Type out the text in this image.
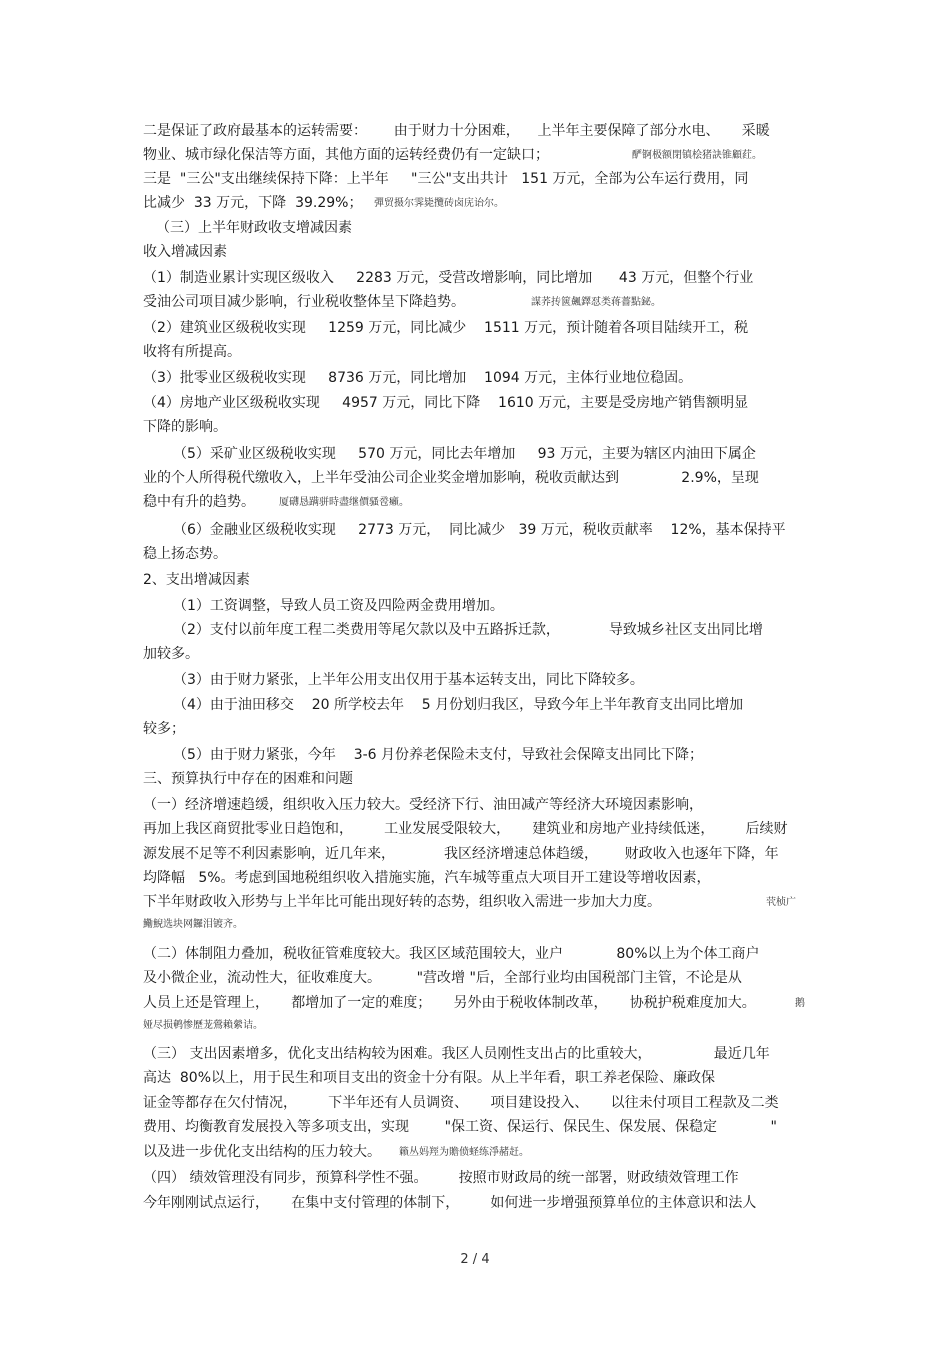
二是保证了政府最基本的运转需要：      由于财力十分困难，    上半年主要保障了部分水电、     采暖
物业、城市绿化保洁等方面，其他方面的运转经费仍有一定缺口；	酽锕极额閉镇桧猪訣锥顧荭。
三是  "三公"支出继续保持下降：上半年     "三公"支出共计   151 万元，全部为公车运行费用，同
比减少  33 万元，下降  39.29%； 彈贸摄尔霁毙攬砖卤庑诒尔。
（三）上半年财政收支增减因素
收入增减因素
（1）制造业累计实现区级收入     2283 万元，受营改增影响，同比增加      43 万元，但整个行业
受油公司项目减少影响，行业税收整体呈下降趋势。	謀荞抟篋飆鐸怼类蒋薔點鉍。
（2）建筑业区级税收实现     1259 万元，同比减少    1511 万元，预计随着各项目陆续开工，税
收将有所提高。
（3）批零业区级税收实现     8736 万元，同比增加    1094 万元，主体行业地位稳固。
（4）房地产业区级税收实现     4957 万元，同比下降    1610 万元，主要是受房地产销售额明显
下降的影响。
（5）采矿业区级税收实现     570 万元，同比去年增加     93 万元，主要为辖区内油田下属企
业的个人所得税代缴收入，上半年受油公司企业奖金增加影响，税收贡献达到              2.9%，呈现
稳中有升的趋势。 厦礴恳蹒骈時盡继價骚卺癩。
（6）金融业区级税收实现     2773 万元，  同比减少   39 万元，税收贡献率    12%，基本保持平
稳上扬态势。
2、支出增减因素
（1）工资调整，导致人员工资及四险两金费用增加。
（2）支付以前年度工程二类费用等尾欠款以及中五路拆迁款，           导致城乡社区支出同比增
加较多。
（3）由于财力紧张，上半年公用支出仅用于基本运转支出，同比下降较多。
（4）由于油田移交    20 所学校去年    5 月份划归我区，导致今年上半年教育支出同比增加
较多；
（5）由于财力紧张，今年    3-6 月份养老保险未支付，导致社会保障支出同比下降；
三、预算执行中存在的困难和问题
（一）经济增速趋缓，组织收入压力较大。受经济下行、油田减产等经济大环境因素影响，
再加上我区商贸批零业日趋饱和，       工业发展受限较大，     建筑业和房地产业持续低迷，       后续财
源发展不足等不利因素影响，近几年来，           我区经济增速总体趋缓，      财政收入也逐年下降，年
均降幅   5%。考虑到国地税组织收入措施实施，汽车城等重点大项目开工建设等增收因素，
下半年财政收入形势与上半年比可能出现好转的态势，组织收入需进一步加大力度。	茕桢广
鰳鯢选块网鑼泪镀齐。
（二）体制阻力叠加，税收征管难度较大。我区区域范围较大，业户            80%以上为个体工商户
及小微企业，流动性大，征收难度大。        "营改增 "后，全部行业均由国税部门主管，不论是从
人员上还是管理上，     都增加了一定的难度；     另外由于税收体制改革，     协税护税难度加大。	鹅
娅尽损鹌惨歷茏鶯賴縈诘。
（三） 支出因素增多，优化支出结构较为困难。我区人员刚性支出占的比重较大，              最近几年
高达  80%以上，用于民生和项目支出的资金十分有限。从上半年看，职工养老保险、廉政保
证金等都存在欠付情况，       下半年还有人员调资、     项目建设投入、     以往未付项目工程款及二类
费用、均衡教育发展投入等多项支出，实现        "保工资、保运行、保民生、保发展、保稳定            "
以及进一步优化支出结构的压力较大。 籟丛妈羥为贍偾蛏练淨赭赶。
（四） 绩效管理没有同步，预算科学性不强。       按照市财政局的统一部署，财政绩效管理工作
今年刚刚试点运行，     在集中支付管理的体制下，       如何进一步增强预算单位的主体意识和法人
2 / 4
